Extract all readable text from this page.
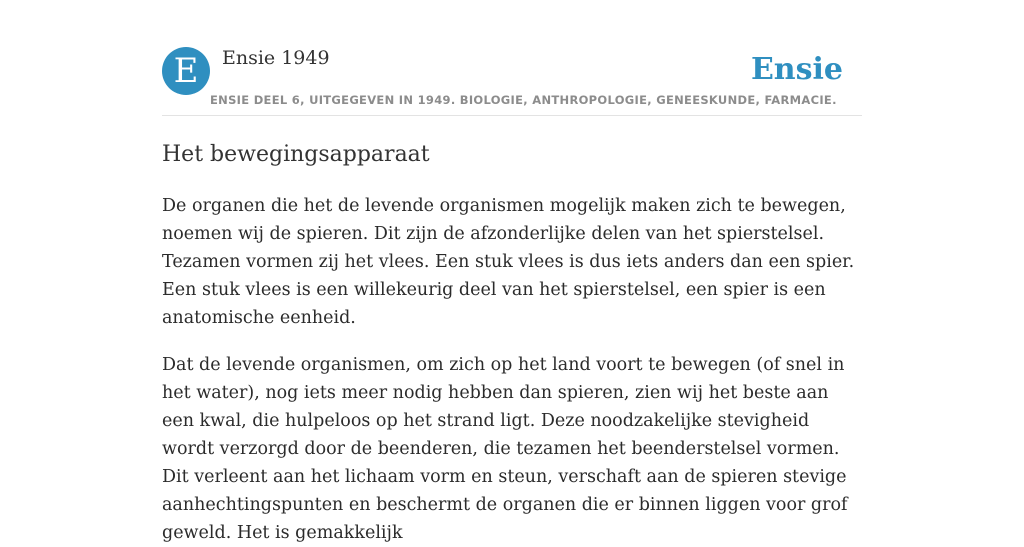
E	Ensie 1949	Ensie
ENSIE DEEL 6, UITGEGEVEN IN 1949. BIOLOGIE, ANTHROPOLOGIE, GENEESKUNDE, FARMACIE.
Het bewegingsapparaat

De organen die het de levende organismen mogelijk maken zich te bewegen, noemen wij de spieren. Dit zijn de afzonderlijke delen van het spierstelsel. Tezamen vormen zij het vlees. Een stuk vlees is dus iets anders dan een spier. Een stuk vlees is een willekeurig deel van het spierstelsel, een spier is een anatomische eenheid.

Dat de levende organismen, om zich op het land voort te bewegen (of snel in het water), nog iets meer nodig hebben dan spieren, zien wij het beste aan een kwal, die hulpeloos op het strand ligt. Deze noodzakelijke stevigheid wordt verzorgd door de beenderen, die tezamen het beenderstelsel vormen. Dit verleent aan het lichaam vorm en steun, verschaft aan de spieren stevige aanhechtingspunten en beschermt de organen die er binnen liggen voor grof geweld. Het is gemakkelijk
